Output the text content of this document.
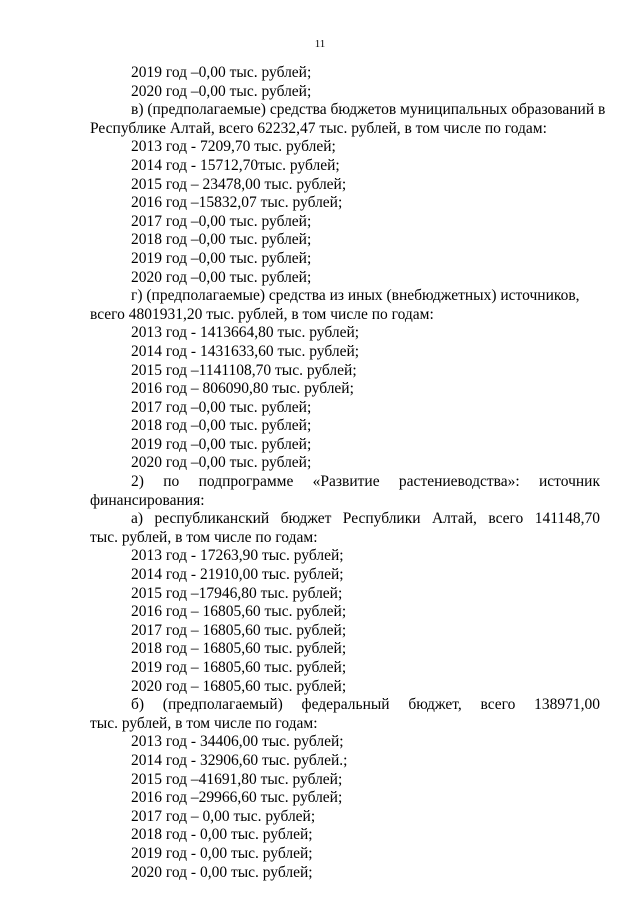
11
2019 год –0,00 тыс. рублей;
2020 год –0,00 тыс. рублей;
в) (предполагаемые) средства бюджетов муниципальных образований в
Республике Алтай, всего 62232,47 тыс. рублей, в том числе по годам:
2013 год - 7209,70 тыс. рублей;
2014 год - 15712,70тыс. рублей;
2015 год – 23478,00 тыс. рублей;
2016 год –15832,07 тыс. рублей;
2017 год –0,00 тыс. рублей;
2018 год –0,00 тыс. рублей;
2019 год –0,00 тыс. рублей;
2020 год –0,00 тыс. рублей;
г) (предполагаемые) средства из иных (внебюджетных) источников,
всего 4801931,20 тыс. рублей, в том числе по годам:
2013 год - 1413664,80 тыс. рублей;
2014 год - 1431633,60 тыс. рублей;
2015 год –1141108,70 тыс. рублей;
2016 год – 806090,80 тыс. рублей;
2017 год –0,00 тыс. рублей;
2018 год –0,00 тыс. рублей;
2019 год –0,00 тыс. рублей;
2020 год –0,00 тыс. рублей;
2) по подпрограмме «Развитие растениеводства»: источник
финансирования:
а) республиканский бюджет Республики Алтай, всего 141148,70
тыс. рублей, в том числе по годам:
2013 год - 17263,90 тыс. рублей;
2014 год - 21910,00 тыс. рублей;
2015 год –17946,80 тыс. рублей;
2016 год – 16805,60 тыс. рублей;
2017 год – 16805,60 тыс. рублей;
2018 год – 16805,60 тыс. рублей;
2019 год – 16805,60 тыс. рублей;
2020 год – 16805,60 тыс. рублей;
б) (предполагаемый) федеральный бюджет, всего 138971,00
тыс. рублей, в том числе по годам:
2013 год - 34406,00 тыс. рублей;
2014 год - 32906,60 тыс. рублей.;
2015 год –41691,80 тыс. рублей;
2016 год –29966,60 тыс. рублей;
2017 год – 0,00 тыс. рублей;
2018 год - 0,00 тыс. рублей;
2019 год - 0,00 тыс. рублей;
2020 год - 0,00 тыс. рублей;
